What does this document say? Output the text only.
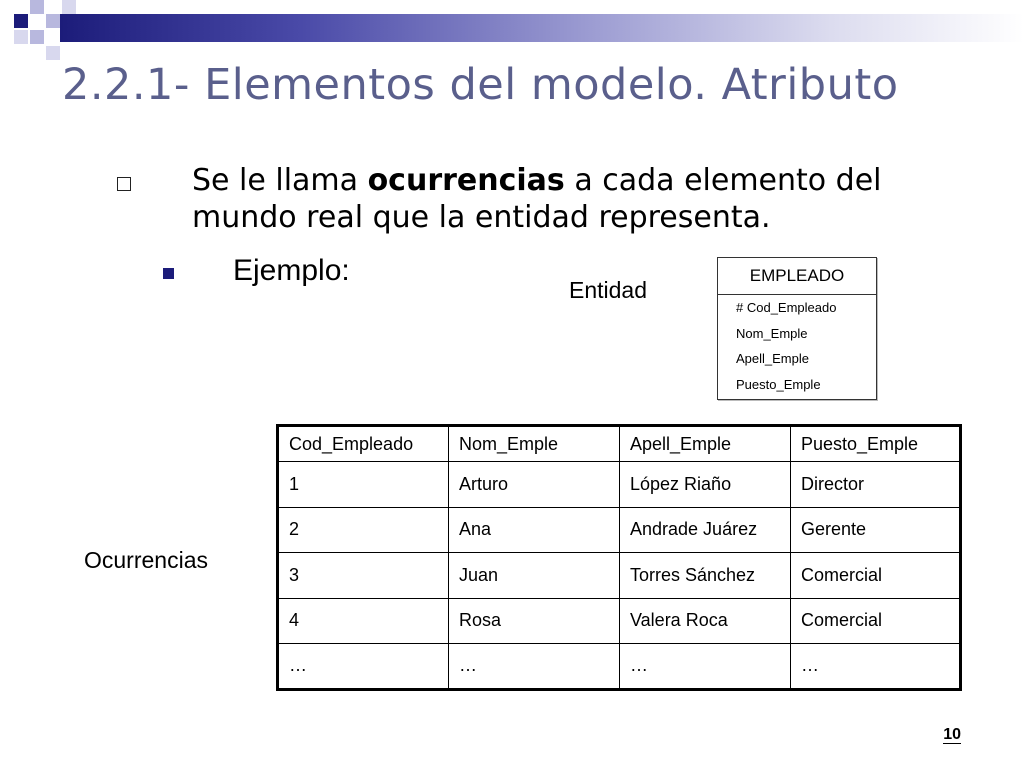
2.2.1- Elementos del modelo. Atributo
Se le llama ocurrencias a cada elemento del mundo real que la entidad representa.
Ejemplo:
Entidad
EMPLEADO
# Cod_Empleado
Nom_Emple
Apell_Emple
Puesto_Emple
Ocurrencias
Cod_Empleado	Nom_Emple	Apell_Emple	Puesto_Emple
1	Arturo	López Riaño	Director
2	Ana	Andrade Juárez	Gerente
3	Juan	Torres Sánchez	Comercial
4	Rosa	Valera Roca	Comercial
…	…	…	…
10
